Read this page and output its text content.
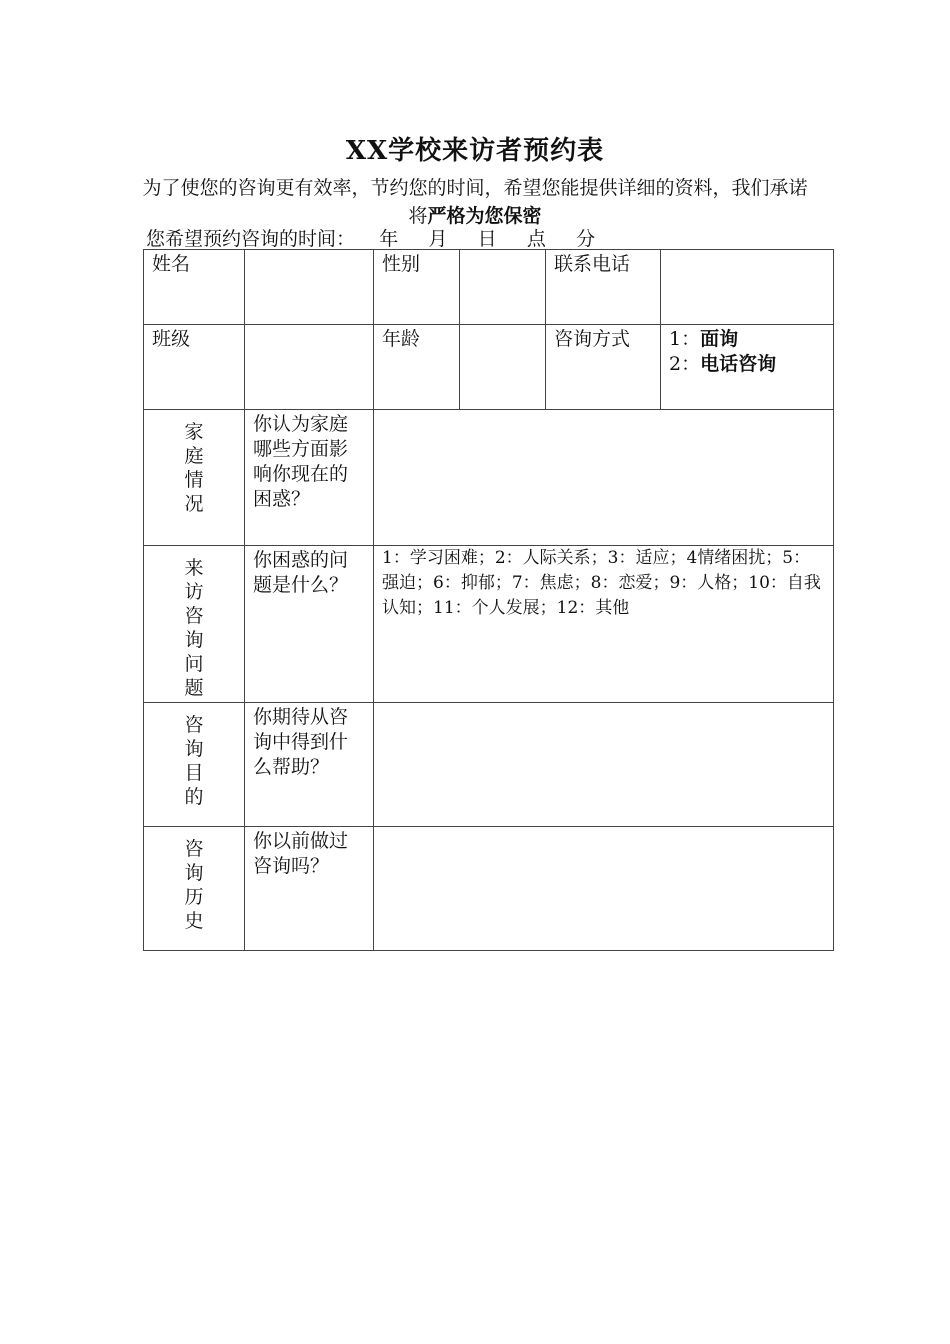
XX学校来访者预约表
为了使您的咨询更有效率，节约您的时间，希望您能提供详细的资料，我们承诺将严格为您保密
您希望预约咨询的时间： 年 月 日 点 分
姓名		性别		联系电话	
班级		年龄		咨询方式	1：面询
2：电话咨询

家庭情况	你认为家庭哪些方面影响你现在的困惑？				

来访咨询问题	你困惑的问题是什么？	1：学习困难；2：人际关系；3：适应；4情绪困扰；5：强迫；6：抑郁；7：焦虑；8：恋爱；9：人格；10：自我认知；11：个人发展；12：其他			

咨询目的	你期待从咨询中得到什么帮助？				

咨询历史	你以前做过咨询吗？				
